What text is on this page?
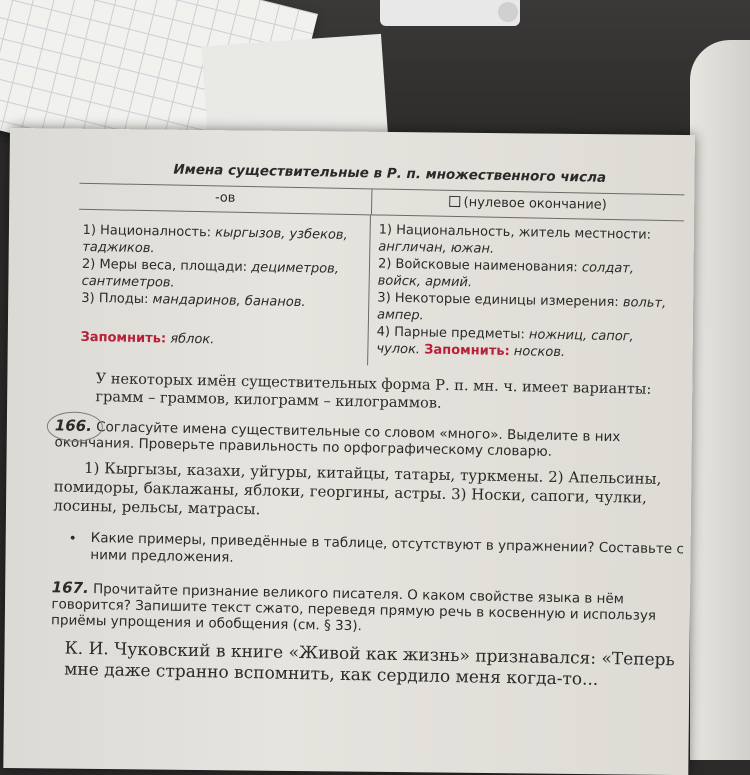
Имена существительные в Р. п. множественного числа
-ов	(нулевое окончание)

1) Националность: кыргызов, узбеков, таджиков.

2) Меры веса, площади: дециметров, сантиметров.

3) Плоды: мандаринов, бананов.

Запомнить: яблок.

1) Национальность, житель местности: англичан, южан.

2) Войсковые наименования: солдат, войск, армий.

3) Некоторые единицы измерения: вольт, ампер.

4) Парные предметы: ножниц, сапог, чулок. Запомнить: носков.

У некоторых имён существительных форма Р. п. мн. ч. имеет варианты: грамм – граммов, килограмм – килограммов.
166. Согласуйте имена существительные со словом «много». Выделите в них окончания. Проверьте правильность по орфографическому словарю.
1) Кыргызы, казахи, уйгуры, китайцы, татары, туркмены. 2) Апельсины, помидоры, баклажаны, яблоки, георгины, астры. 3) Носки, сапоги, чулки, лосины, рельсы, матрасы.
• Какие примеры, приведённые в таблице, отсутствуют в упражнении? Составьте с ними предложения.
167. Прочитайте признание великого писателя. О каком свойстве языка в нём говорится? Запишите текст сжато, переведя прямую речь в косвенную и используя приёмы упрощения и обобщения (см. § 33).
К. И. Чуковский в книге «Живой как жизнь» признавался: «Теперь мне даже странно вспомнить, как сердило меня когда-то...
